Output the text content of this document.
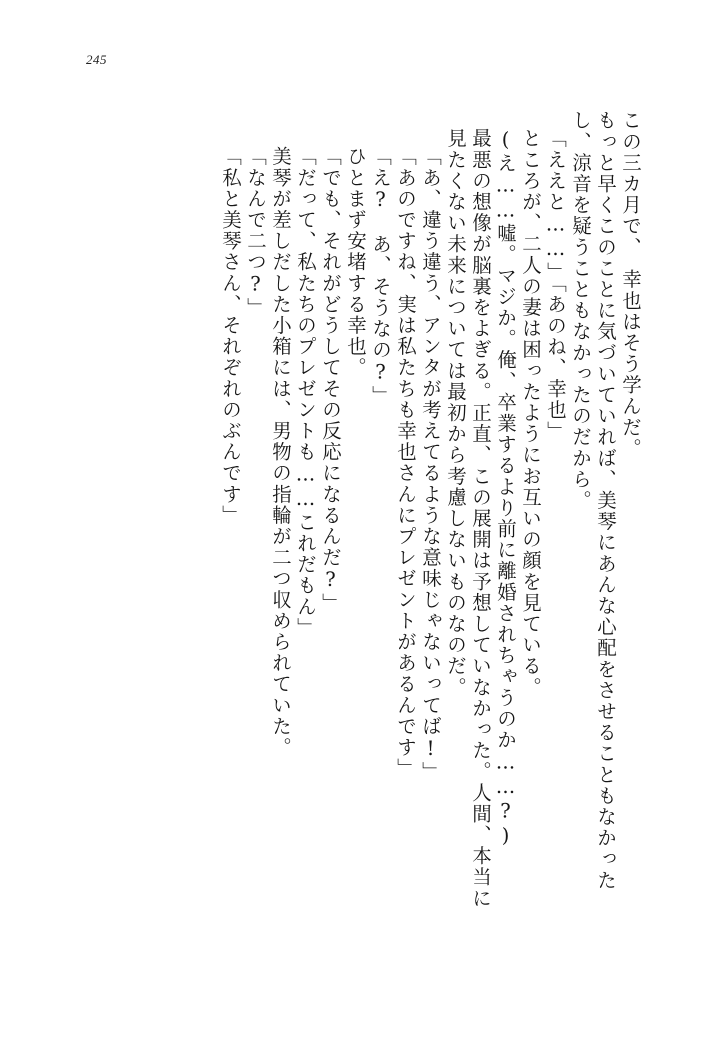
245
この三カ月で、　幸也はそう学んだ。
もっと早くこのことに気づいていれば、美琴にあんな心配をさせることもなかった
し、涼音を疑うこともなかったのだから。
「ええと……」「あのね、幸也」
ところが、二人の妻は困ったようにお互いの顔を見ている。
(え……噓。マジか。俺、卒業するより前に離婚されちゃうのか……?)
最悪の想像が脳裏をよぎる。正直、この展開は予想していなかった。人間、本当に
見たくない未来については最初から考慮しないものなのだ。
「あ、違う違う、アンタが考えてるような意味じゃないってば!」
「あのですね、実は私たちも幸也さんにプレゼントがあるんです」
「え?　あ、そうなの?」
ひとまず安堵する幸也。
「でも、それがどうしてその反応になるんだ?」
「だって、私たちのプレゼントも……これだもん」
美琴が差しだした小箱には、男物の指輪が二つ収められていた。
「なんで二つ?」
「私と美琴さん、それぞれのぶんです」
